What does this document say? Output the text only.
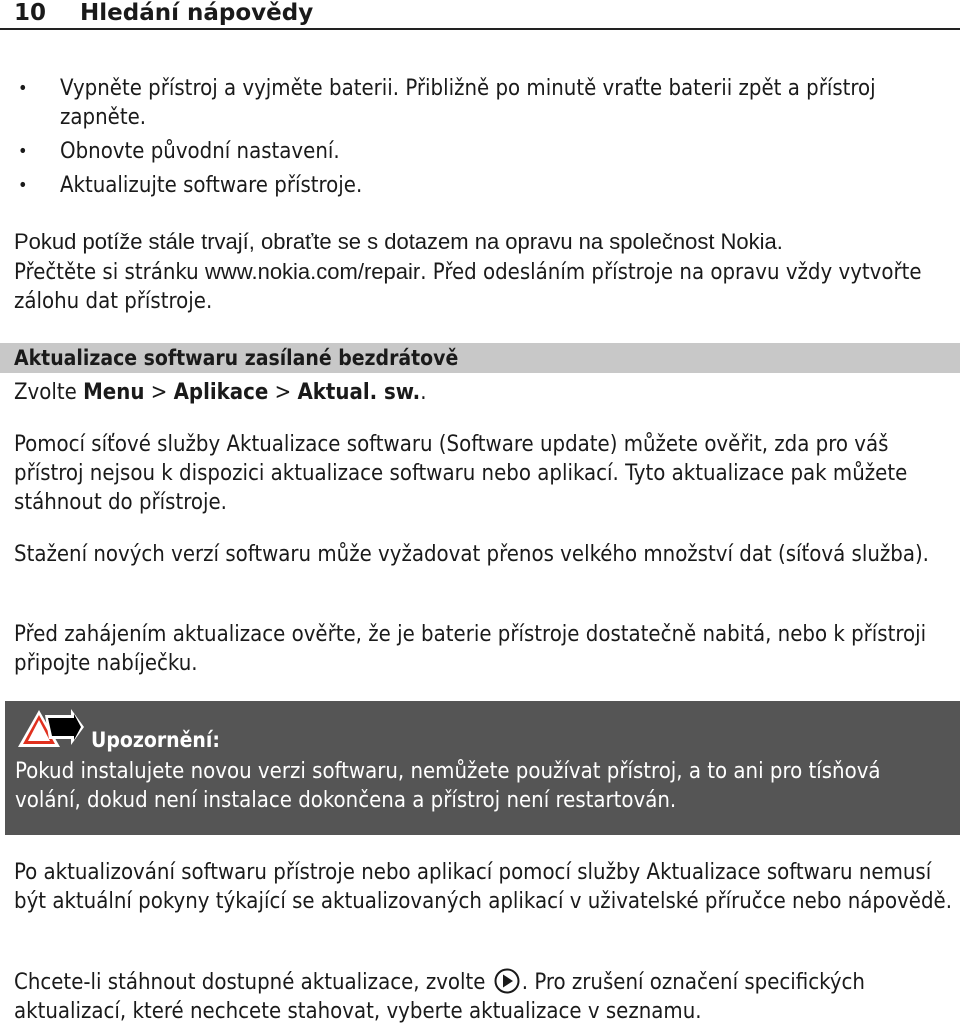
10 Hledání nápovědy
• Vypněte přístroj a vyjměte baterii. Přibližně po minutě vraťte baterii zpět a přístroj zapněte.
• Obnovte původní nastavení.
• Aktualizujte software přístroje.
Pokud potíže stále trvají, obraťte se s dotazem na opravu na společnost Nokia.
Přečtěte si stránku www.nokia.com/repair. Před odesláním přístroje na opravu vždy vytvořte zálohu dat přístroje.
Aktualizace softwaru zasílané bezdrátově
Zvolte Menu > Aplikace > Aktual. sw..
Pomocí síťové služby Aktualizace softwaru (Software update) můžete ověřit, zda pro váš přístroj nejsou k dispozici aktualizace softwaru nebo aplikací. Tyto aktualizace pak můžete stáhnout do přístroje.
Stažení nových verzí softwaru může vyžadovat přenos velkého množství dat (síťová služba).
Před zahájením aktualizace ověřte, že je baterie přístroje dostatečně nabitá, nebo k přístroji připojte nabíječku.
Upozornění:
Pokud instalujete novou verzi softwaru, nemůžete používat přístroj, a to ani pro tísňová volání, dokud není instalace dokončena a přístroj není restartován.
Po aktualizování softwaru přístroje nebo aplikací pomocí služby Aktualizace softwaru nemusí být aktuální pokyny týkající se aktualizovaných aplikací v uživatelské příručce nebo nápovědě.
Chcete-li stáhnout dostupné aktualizace, zvolte . Pro zrušení označení specifických aktualizací, které nechcete stahovat, vyberte aktualizace v seznamu.
